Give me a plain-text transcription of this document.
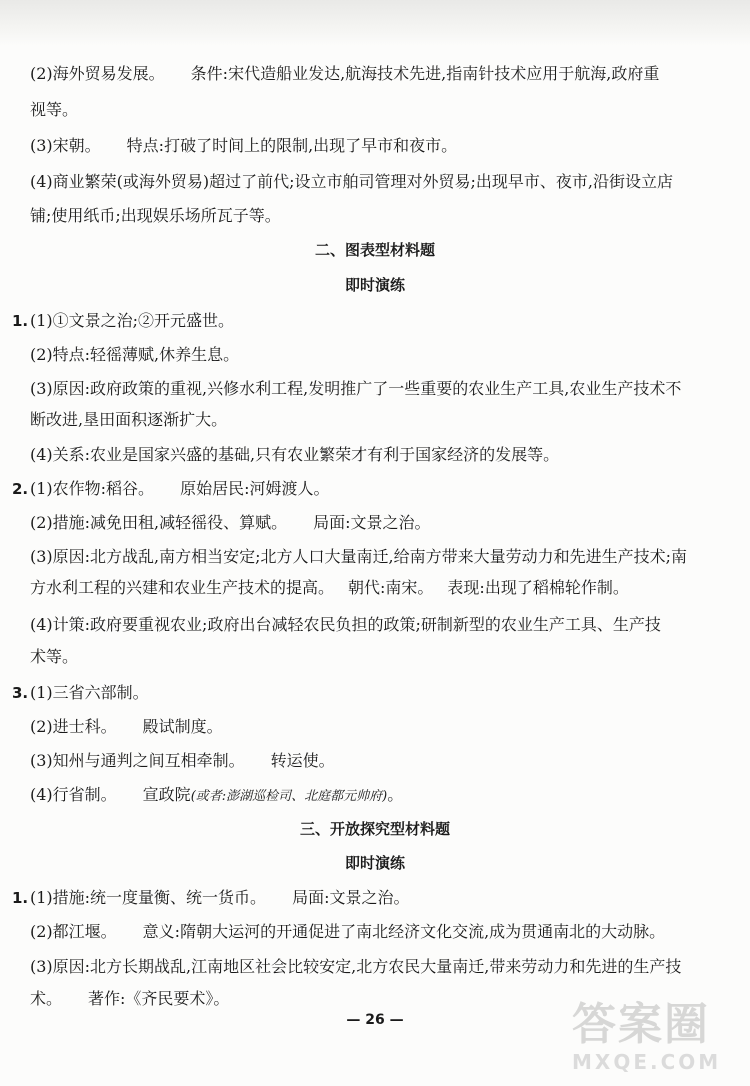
(2)海外贸易发展。 条件:宋代造船业发达,航海技术先进,指南针技术应用于航海,政府重
视等。
(3)宋朝。 特点:打破了时间上的限制,出现了早市和夜市。
(4)商业繁荣(或海外贸易)超过了前代;设立市舶司管理对外贸易;出现早市、夜市,沿街设立店
铺;使用纸币;出现娱乐场所瓦子等。
二、图表型材料题
即时演练
1. (1)①文景之治;②开元盛世。
(2)特点:轻徭薄赋,休养生息。
(3)原因:政府政策的重视,兴修水利工程,发明推广了一些重要的农业生产工具,农业生产技术不
断改进,垦田面积逐渐扩大。
(4)关系:农业是国家兴盛的基础,只有农业繁荣才有利于国家经济的发展等。
2. (1)农作物:稻谷。 原始居民:河姆渡人。
(2)措施:减免田租,减轻徭役、算赋。 局面:文景之治。
(3)原因:北方战乱,南方相当安定;北方人口大量南迁,给南方带来大量劳动力和先进生产技术;南
方水利工程的兴建和农业生产技术的提高。 朝代:南宋。 表现:出现了稻棉轮作制。
(4)计策:政府要重视农业;政府出台减轻农民负担的政策;研制新型的农业生产工具、生产技
术等。
3. (1)三省六部制。
(2)进士科。 殿试制度。
(3)知州与通判之间互相牵制。 转运使。
(4)行省制。 宣政院(或者:澎湖巡检司、北庭都元帅府)。
三、开放探究型材料题
即时演练
1. (1)措施:统一度量衡、统一货币。 局面:文景之治。
(2)都江堰。 意义:隋朝大运河的开通促进了南北经济文化交流,成为贯通南北的大动脉。
(3)原因:北方长期战乱,江南地区社会比较安定,北方农民大量南迁,带来劳动力和先进的生产技
术。 著作:《齐民要术》。
— 26 —	答案圈
MXQE.COM
